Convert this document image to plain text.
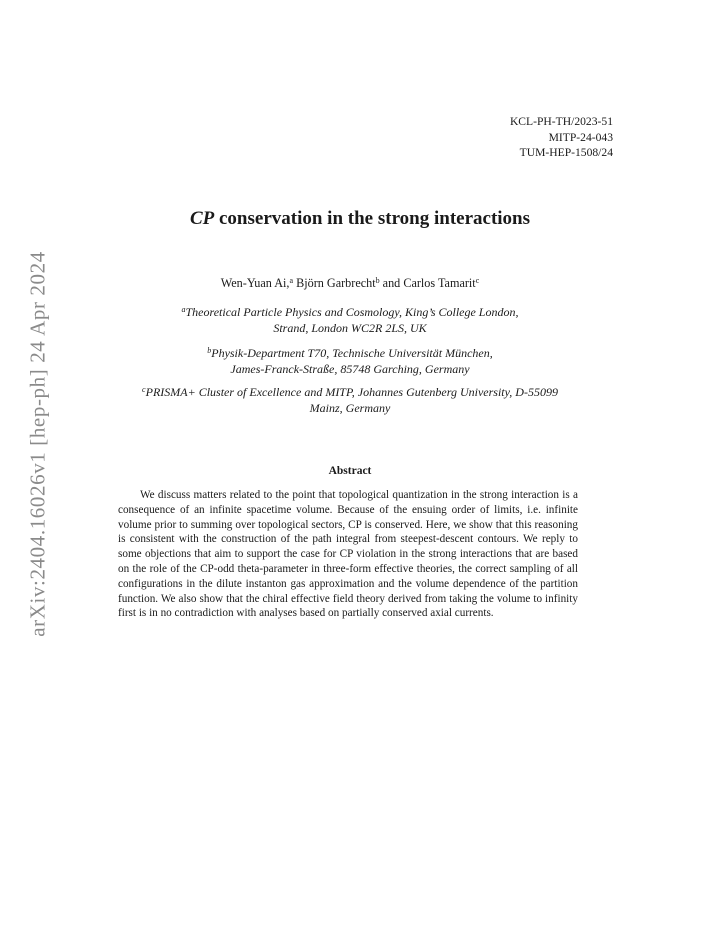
arXiv:2404.16026v1 [hep-ph] 24 Apr 2024
KCL-PH-TH/2023-51
MITP-24-043
TUM-HEP-1508/24
CP conservation in the strong interactions
Wen-Yuan Ai,$^a$ Björn Garbrecht$^b$ and Carlos Tamarit$^c$
$^a$Theoretical Particle Physics and Cosmology, King’s College London,
Strand, London WC2R 2LS, UK
$^b$Physik-Department T70, Technische Universität München,
James-Franck-Straße, 85748 Garching, Germany
$^c$PRISMA+ Cluster of Excellence and MITP, Johannes Gutenberg University, D-55099
Mainz, Germany
Abstract
We discuss matters related to the point that topological quantization in the strong interaction is a consequence of an infinite spacetime volume. Because of the ensuing order of limits, i.e. infinite volume prior to summing over topological sectors, CP is conserved. Here, we show that this reasoning is consistent with the construction of the path integral from steepest-descent contours. We reply to some objections that aim to support the case for CP violation in the strong interactions that are based on the role of the CP-odd theta-parameter in three-form effective theories, the correct sampling of all configurations in the dilute instanton gas approximation and the volume dependence of the partition function. We also show that the chiral effective field theory derived from taking the volume to infinity first is in no contradiction with analyses based on partially conserved axial currents.
